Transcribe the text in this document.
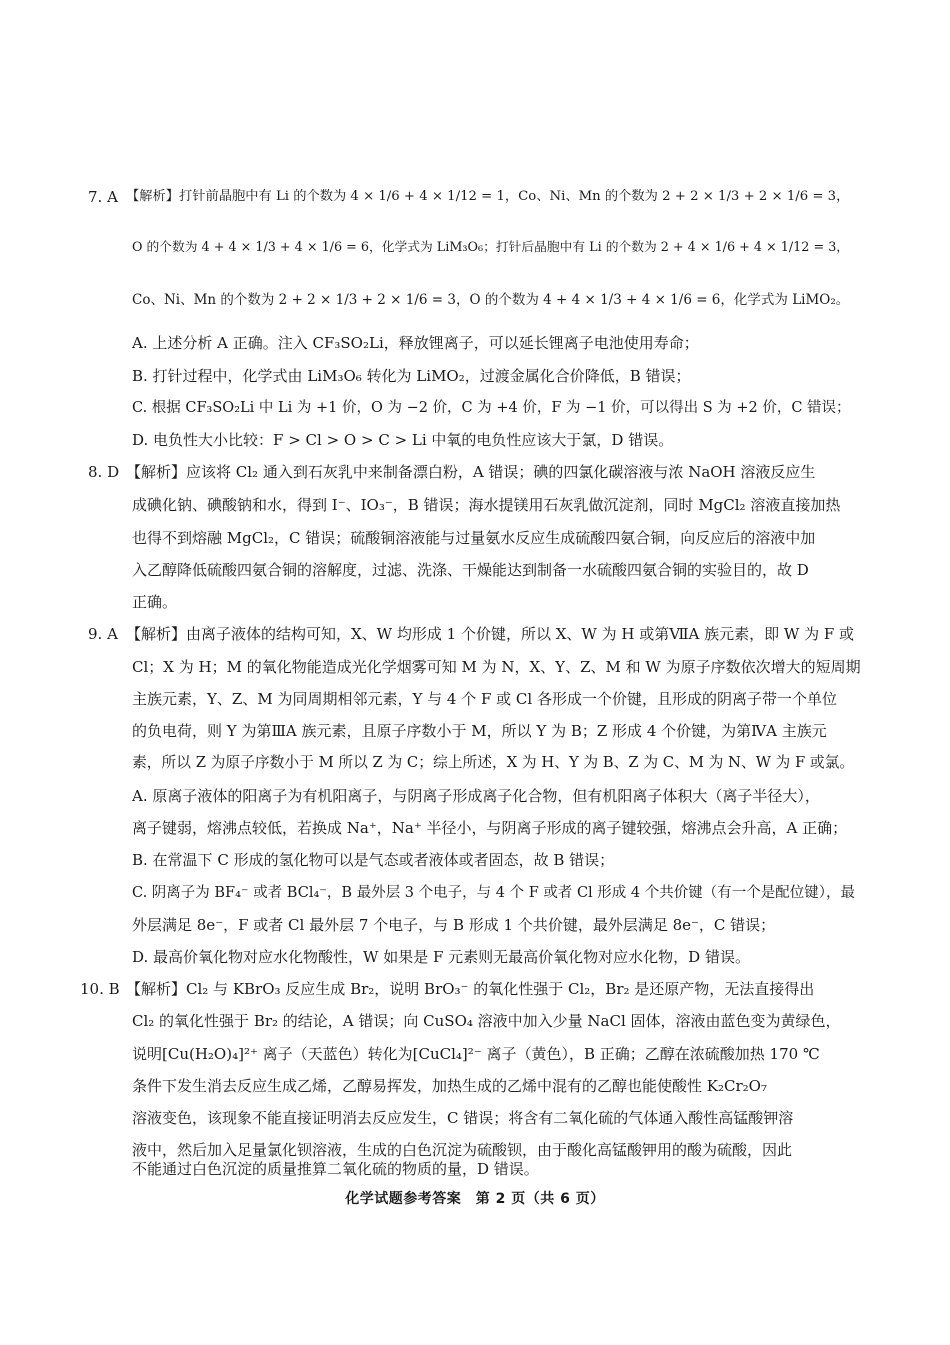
7. A 【解析】打针前晶胞中有 Li 的个数为 4 × 1/6 + 4 × 1/12 = 1，Co、Ni、Mn 的个数为 2 + 2 × 1/3 + 2 × 1/6 = 3，
O 的个数为 4 + 4 × 1/3 + 4 × 1/6 = 6，化学式为 LiM₃O₆；打针后晶胞中有 Li 的个数为 2 + 4 × 1/6 + 4 × 1/12 = 3，
Co、Ni、Mn 的个数为 2 + 2 × 1/3 + 2 × 1/6 = 3，O 的个数为 4 + 4 × 1/3 + 4 × 1/6 = 6，化学式为 LiMO₂。
A. 上述分析 A 正确。注入 CF₃SO₂Li，释放锂离子，可以延长锂离子电池使用寿命；
B. 打针过程中，化学式由 LiM₃O₆ 转化为 LiMO₂，过渡金属化合价降低，B 错误；
C. 根据 CF₃SO₂Li 中 Li 为 +1 价，O 为 −2 价，C 为 +4 价，F 为 −1 价，可以得出 S 为 +2 价，C 错误；
D. 电负性大小比较：F > Cl > O > C > Li 中氧的电负性应该大于氯，D 错误。
8. D 【解析】应该将 Cl₂ 通入到石灰乳中来制备漂白粉，A 错误；碘的四氯化碳溶液与浓 NaOH 溶液反应生
成碘化钠、碘酸钠和水，得到 I⁻、IO₃⁻，B 错误；海水提镁用石灰乳做沉淀剂，同时 MgCl₂ 溶液直接加热
也得不到熔融 MgCl₂，C 错误；硫酸铜溶液能与过量氨水反应生成硫酸四氨合铜，向反应后的溶液中加
入乙醇降低硫酸四氨合铜的溶解度，过滤、洗涤、干燥能达到制备一水硫酸四氨合铜的实验目的，故 D
正确。
9. A 【解析】由离子液体的结构可知，X、W 均形成 1 个价键，所以 X、W 为 H 或第ⅦA 族元素，即 W 为 F 或
Cl；X 为 H；M 的氧化物能造成光化学烟雾可知 M 为 N，X、Y、Z、M 和 W 为原子序数依次增大的短周期
主族元素，Y、Z、M 为同周期相邻元素，Y 与 4 个 F 或 Cl 各形成一个价键，且形成的阴离子带一个单位
的负电荷，则 Y 为第ⅢA 族元素，且原子序数小于 M，所以 Y 为 B；Z 形成 4 个价键，为第ⅣA 主族元
素，所以 Z 为原子序数小于 M 所以 Z 为 C；综上所述，X 为 H、Y 为 B、Z 为 C、M 为 N、W 为 F 或氯。
A. 原离子液体的阳离子为有机阳离子，与阴离子形成离子化合物，但有机阳离子体积大（离子半径大），
离子键弱，熔沸点较低，若换成 Na⁺，Na⁺ 半径小，与阴离子形成的离子键较强，熔沸点会升高，A 正确；
B. 在常温下 C 形成的氢化物可以是气态或者液体或者固态，故 B 错误；
C. 阴离子为 BF₄⁻ 或者 BCl₄⁻，B 最外层 3 个电子，与 4 个 F 或者 Cl 形成 4 个共价键（有一个是配位键），最
外层满足 8e⁻，F 或者 Cl 最外层 7 个电子，与 B 形成 1 个共价键，最外层满足 8e⁻，C 错误；
D. 最高价氧化物对应水化物酸性，W 如果是 F 元素则无最高价氧化物对应水化物，D 错误。
10. B 【解析】Cl₂ 与 KBrO₃ 反应生成 Br₂，说明 BrO₃⁻ 的氧化性强于 Cl₂，Br₂ 是还原产物，无法直接得出
Cl₂ 的氧化性强于 Br₂ 的结论，A 错误；向 CuSO₄ 溶液中加入少量 NaCl 固体，溶液由蓝色变为黄绿色，
说明[Cu(H₂O)₄]²⁺ 离子（天蓝色）转化为[CuCl₄]²⁻ 离子（黄色），B 正确；乙醇在浓硫酸加热 170 ℃
条件下发生消去反应生成乙烯，乙醇易挥发，加热生成的乙烯中混有的乙醇也能使酸性 K₂Cr₂O₇
溶液变色，该现象不能直接证明消去反应发生，C 错误；将含有二氧化硫的气体通入酸性高锰酸钾溶
液中，然后加入足量氯化钡溶液，生成的白色沉淀为硫酸钡，由于酸化高锰酸钾用的酸为硫酸，因此
不能通过白色沉淀的质量推算二氧化硫的物质的量，D 错误。
化学试题参考答案　第 2 页（共 6 页）
